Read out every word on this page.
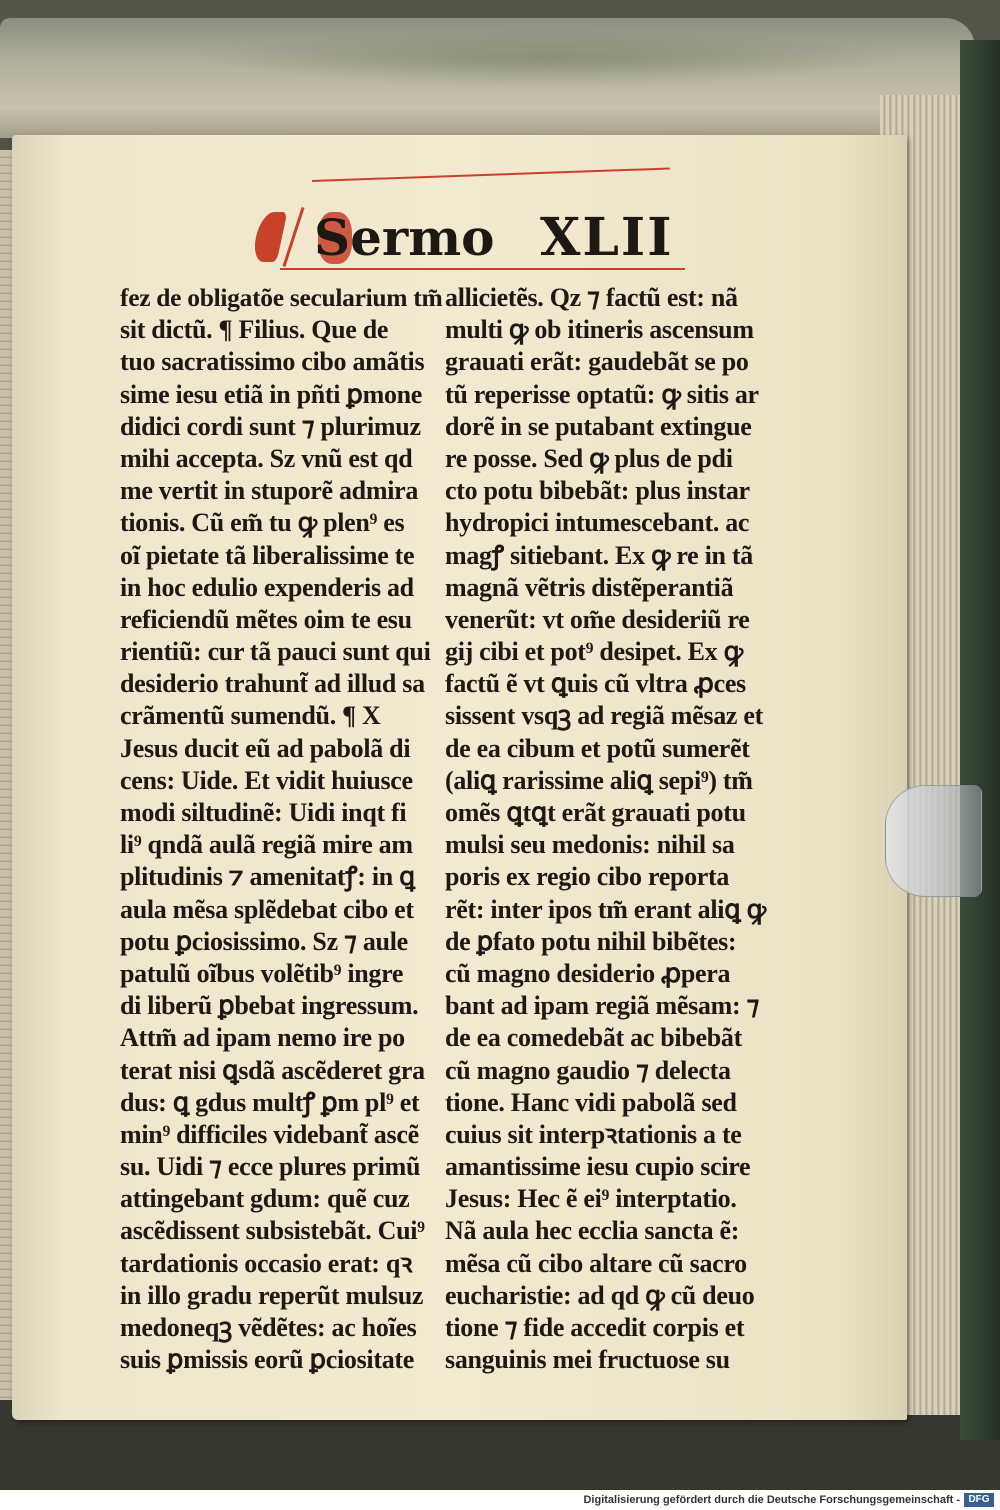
Sermo XLII
fez de obligatõe secularium tm̃
sit dictũ. ¶ Filius. Que de
tuo sacratissimo cibo amãtis
sime iesu etiã in pñti ꝑmone
didici cordi sunt ⁊ plurimuz
mihi accepta. Sz vnũ est qd
me vertit in stuporẽ admira
tionis. Cũ em̃ tu ꝙ plen⁹ es
oĩ pietate tã liberalissime te
in hoc edulio expenderis ad
reficiendũ mẽtes oim te esu
rientiũ: cur tã pauci sunt qui
desiderio trahunt̃ ad illud sa
crãmentũ sumendũ. ¶ X
Jesus ducit eũ ad pabolã di
cens: Uide. Et vidit huiusce
modi siltudinẽ: Uidi inqt fi
li⁹ qndã aulã regiã mire am
plitudinis ⁊ amenitatꝭ: in ꝗ
aula mẽsa splẽdebat cibo et
potu ꝑciosissimo. Sz ⁊ aule
patulũ oĩbus volẽtib⁹ ingre
di liberũ ꝑbebat ingressum.
Attm̃ ad ipam nemo ire po
terat nisi ꝗsdã ascẽderet gra
dus: ꝗ gdus multꝭ ꝑm pl⁹ et
min⁹ difficiles videbant̃ ascẽ
su. Uidi ⁊ ecce plures primũ
attingebant gdum: quẽ cuz
ascẽdissent subsistebãt. Cui⁹
tardationis occasio erat: qꝛ
in illo gradu reperũt mulsuz
medoneqꝫ vẽdẽtes: ac hoĩes
suis ꝑmissis eorũ ꝑciositate
allicietẽs. Qz ⁊ factũ est: nã
multi ꝙ ob itineris ascensum
grauati erãt: gaudebãt se po
tũ reperisse optatũ: ꝙ sitis ar
dorẽ in se putabant extingue
re posse. Sed ꝙ plus de pdi
cto potu bibebãt: plus instar
hydropici intumescebant. ac
magꝭ sitiebant. Ex ꝙ re in tã
magnã vẽtris distẽperantiã
venerũt: vt om̃e desideriũ re
gij cibi et pot⁹ desipet. Ex ꝙ
factũ ẽ vt ꝗuis cũ vltra ꝓces
sissent vsqꝫ ad regiã mẽsaz et
de ea cibum et potũ sumerẽt
(aliꝗ rarissime aliꝗ sepi⁹) tm̃
omẽs ꝗtꝗt erãt grauati potu
mulsi seu medonis: nihil sa
poris ex regio cibo reporta
rẽt: inter ipos tm̃ erant aliꝗ ꝙ
de ꝑfato potu nihil bibẽtes:
cũ magno desiderio ꝓpera
bant ad ipam regiã mẽsam: ⁊
de ea comedebãt ac bibebãt
cũ magno gaudio ⁊ delecta
tione. Hanc vidi pabolã sed
cuius sit interpꝛtationis a te
amantissime iesu cupio scire
Jesus: Hec ẽ ei⁹ interptatio.
Nã aula hec ecclia sancta ẽ:
mẽsa cũ cibo altare cũ sacro
eucharistie: ad qd ꝙ cũ deuo
tione ⁊ fide accedit corpis et
sanguinis mei fructuose su
Digitalisierung gefördert durch die Deutsche Forschungsgemeinschaft - DFG
